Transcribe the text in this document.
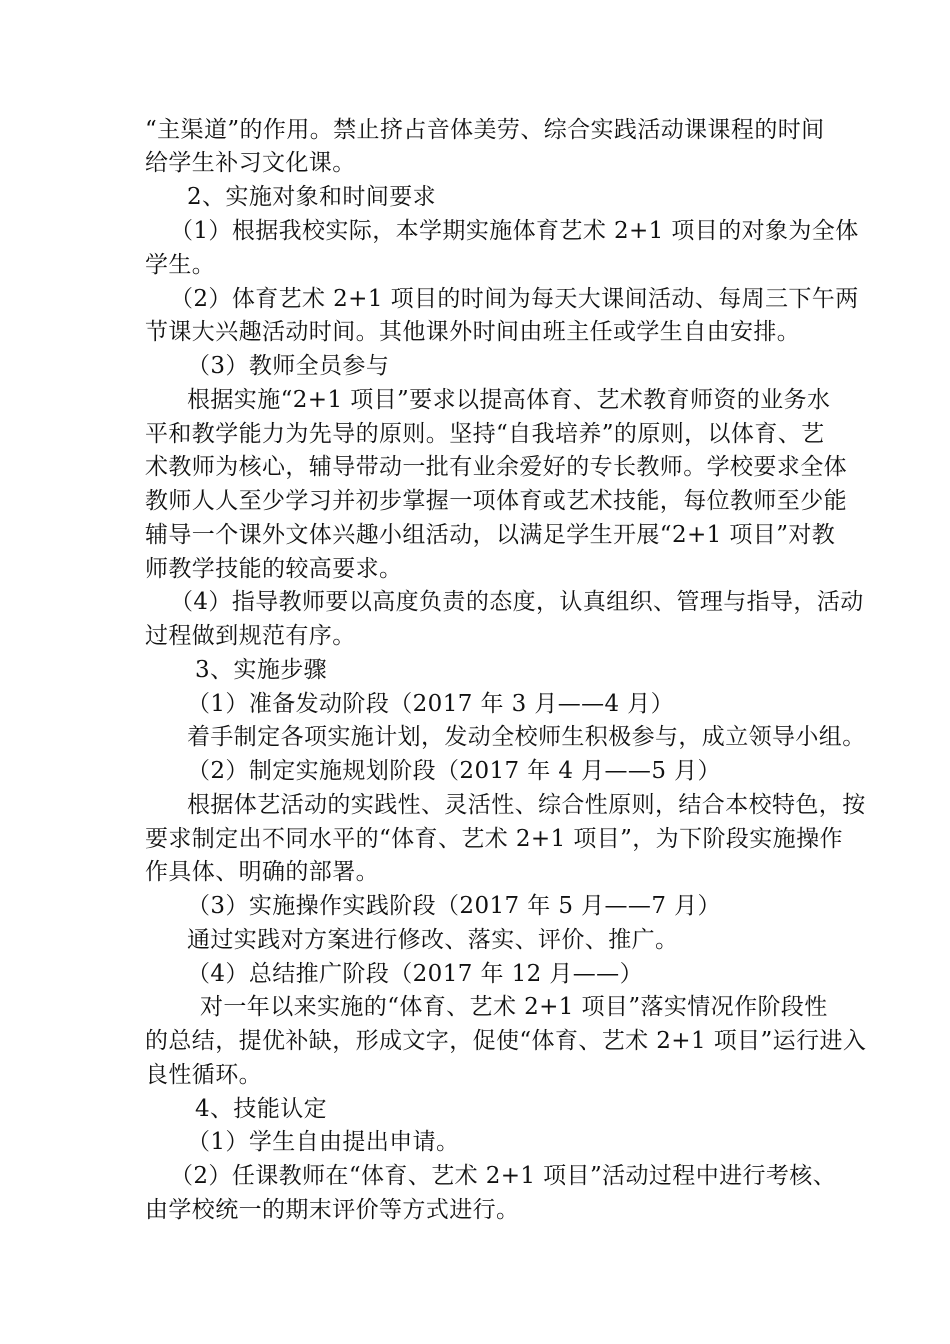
“主渠道”的作用。禁止挤占音体美劳、综合实践活动课课程的时间
给学生补习文化课。
2、实施对象和时间要求
（1）根据我校实际，本学期实施体育艺术 2+1 项目的对象为全体
学生。
（2）体育艺术 2+1 项目的时间为每天大课间活动、每周三下午两
节课大兴趣活动时间。其他课外时间由班主任或学生自由安排。
（3）教师全员参与
根据实施“2+1 项目”要求以提高体育、艺术教育师资的业务水
平和教学能力为先导的原则。坚持“自我培养”的原则，以体育、艺
术教师为核心，辅导带动一批有业余爱好的专长教师。学校要求全体
教师人人至少学习并初步掌握一项体育或艺术技能，每位教师至少能
辅导一个课外文体兴趣小组活动，以满足学生开展“2+1 项目”对教
师教学技能的较高要求。
（4）指导教师要以高度负责的态度，认真组织、管理与指导，活动
过程做到规范有序。
3、实施步骤
（1）准备发动阶段（2017 年 3 月——4 月）
着手制定各项实施计划，发动全校师生积极参与，成立领导小组。
（2）制定实施规划阶段（2017 年 4 月——5 月）
根据体艺活动的实践性、灵活性、综合性原则，结合本校特色，按
要求制定出不同水平的“体育、艺术 2+1 项目”，为下阶段实施操作
作具体、明确的部署。
（3）实施操作实践阶段（2017 年 5 月——7 月）
通过实践对方案进行修改、落实、评价、推广。
（4）总结推广阶段（2017 年 12 月——）
对一年以来实施的“体育、艺术 2+1 项目”落实情况作阶段性
的总结，提优补缺，形成文字，促使“体育、艺术 2+1 项目”运行进入
良性循环。
4、技能认定
（1）学生自由提出申请。
（2）任课教师在“体育、艺术 2+1 项目”活动过程中进行考核、
由学校统一的期末评价等方式进行。
